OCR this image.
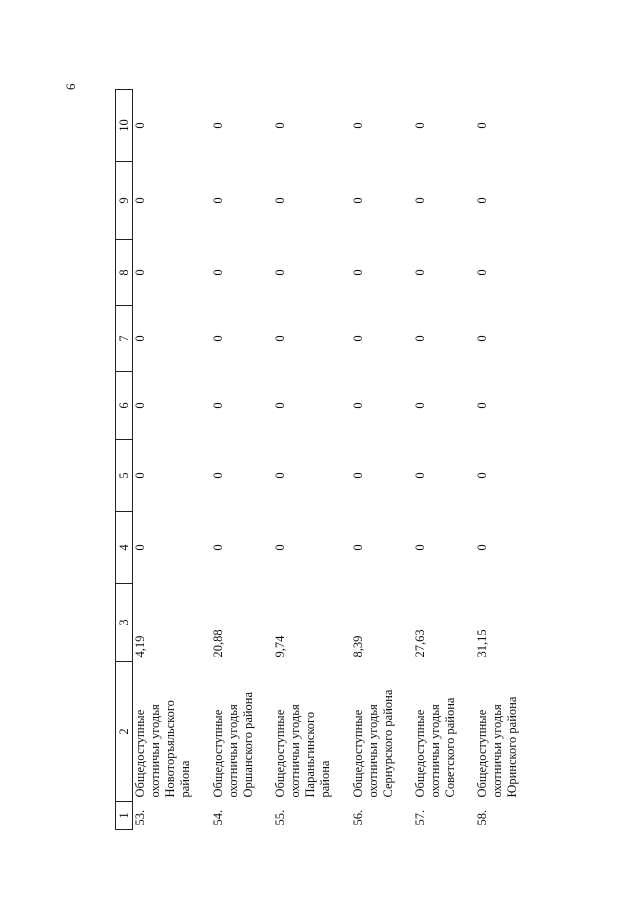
6
1	2	3	4	5	6	7	8	9	10
53.	Общедоступные охотничьи угодья Новоторъяльского района	4,19	0	0	0	0	0	0	0
54.	Общедоступные охотничьи угодья Оршанского района	20,88	0	0	0	0	0	0	0
55.	Общедоступные охотничьи угодья Параньгинского района	9,74	0	0	0	0	0	0	0
56.	Общедоступные охотничьи угодья Сернурского района	8,39	0	0	0	0	0	0	0
57.	Общедоступные охотничьи угодья Советского района	27,63	0	0	0	0	0	0	0
58.	Общедоступные охотничьи угодья Юринского района	31,15	0	0	0	0	0	0	0
